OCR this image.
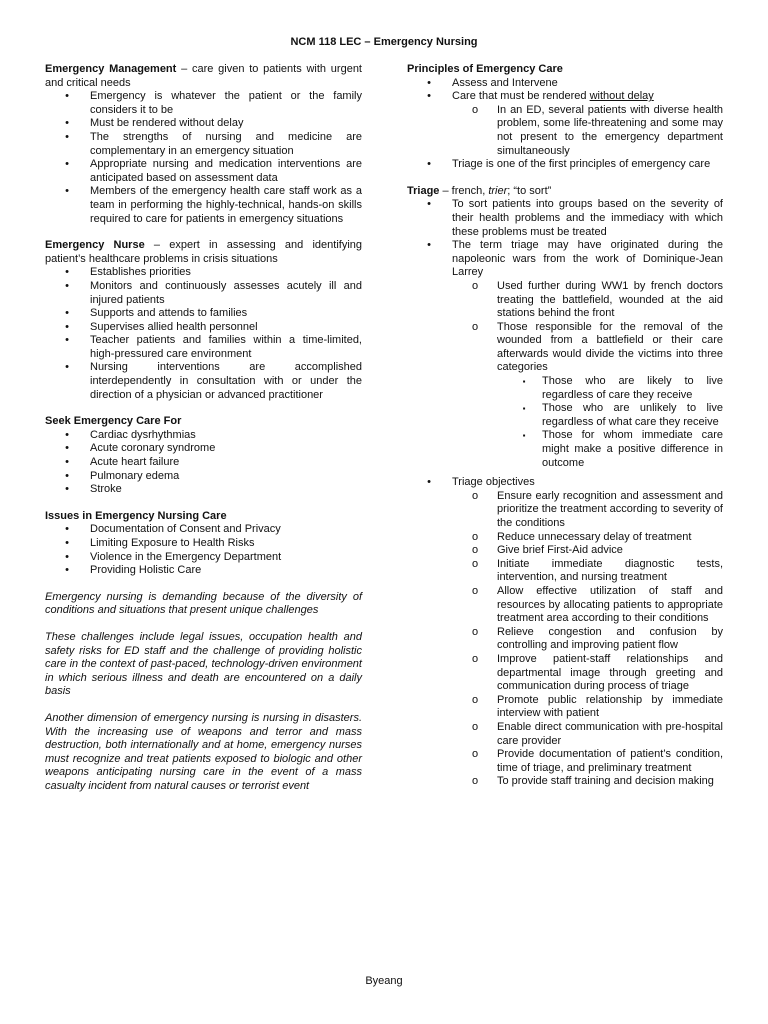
NCM 118 LEC – Emergency Nursing

Emergency Management – care given to patients with urgent and critical needs

• Emergency is whatever the patient or the family considers it to be
• Must be rendered without delay
• The strengths of nursing and medicine are complementary in an emergency situation
• Appropriate nursing and medication interventions are anticipated based on assessment data
• Members of the emergency health care staff work as a team in performing the highly-technical, hands-on skills required to care for patients in emergency situations

Emergency Nurse – expert in assessing and identifying patient’s healthcare problems in crisis situations

• Establishes priorities
• Monitors and continuously assesses acutely ill and injured patients
• Supports and attends to families
• Supervises allied health personnel
• Teacher patients and families within a time-limited, high-pressured care environment
• Nursing interventions are accomplished interdependently in consultation with or under the direction of a physician or advanced practitioner

Seek Emergency Care For

• Cardiac dysrhythmias
• Acute coronary syndrome
• Acute heart failure
• Pulmonary edema
• Stroke

Issues in Emergency Nursing Care

• Documentation of Consent and Privacy
• Limiting Exposure to Health Risks
• Violence in the Emergency Department
• Providing Holistic Care

Emergency nursing is demanding because of the diversity of conditions and situations that present unique challenges

These challenges include legal issues, occupation health and safety risks for ED staff and the challenge of providing holistic care in the context of past-paced, technology-driven environment in which serious illness and death are encountered on a daily basis

Another dimension of emergency nursing is nursing in disasters. With the increasing use of weapons and terror and mass destruction, both internationally and at home, emergency nurses must recognize and treat patients exposed to biologic and other weapons anticipating nursing care in the event of a mass casualty incident from natural causes or terrorist event

Principles of Emergency Care

• Assess and Intervene
• Care that must be rendered without delay
o In an ED, several patients with diverse health problem, some life-threatening and some may not present to the emergency department simultaneously
• Triage is one of the first principles of emergency care

Triage – french, trier; “to sort”

• To sort patients into groups based on the severity of their health problems and the immediacy with which these problems must be treated
• The term triage may have originated during the napoleonic wars from the work of Dominique-Jean Larrey
o Used further during WW1 by french doctors treating the battlefield, wounded at the aid stations behind the front
o Those responsible for the removal of the wounded from a battlefield or their care afterwards would divide the victims into three categories
▪	Those who are likely to live regardless of care they receive
▪	Those who are unlikely to live regardless of what care they receive
▪	Those for whom immediate care might make a positive difference in outcome
• Triage objectives
o Ensure early recognition and assessment and prioritize the treatment according to severity of the conditions
o Reduce unnecessary delay of treatment
o Give brief First-Aid advice
o Initiate immediate diagnostic tests, intervention, and nursing treatment
o Allow effective utilization of staff and resources by allocating patients to appropriate treatment area according to their conditions
o Relieve congestion and confusion by controlling and improving patient flow
o Improve patient-staff relationships and departmental image through greeting and communication during process of triage
o Promote public relationship by immediate interview with patient
o Enable direct communication with pre-hospital care provider
o Provide documentation of patient’s condition, time of triage, and preliminary treatment
o To provide staff training and decision making
Byeang
